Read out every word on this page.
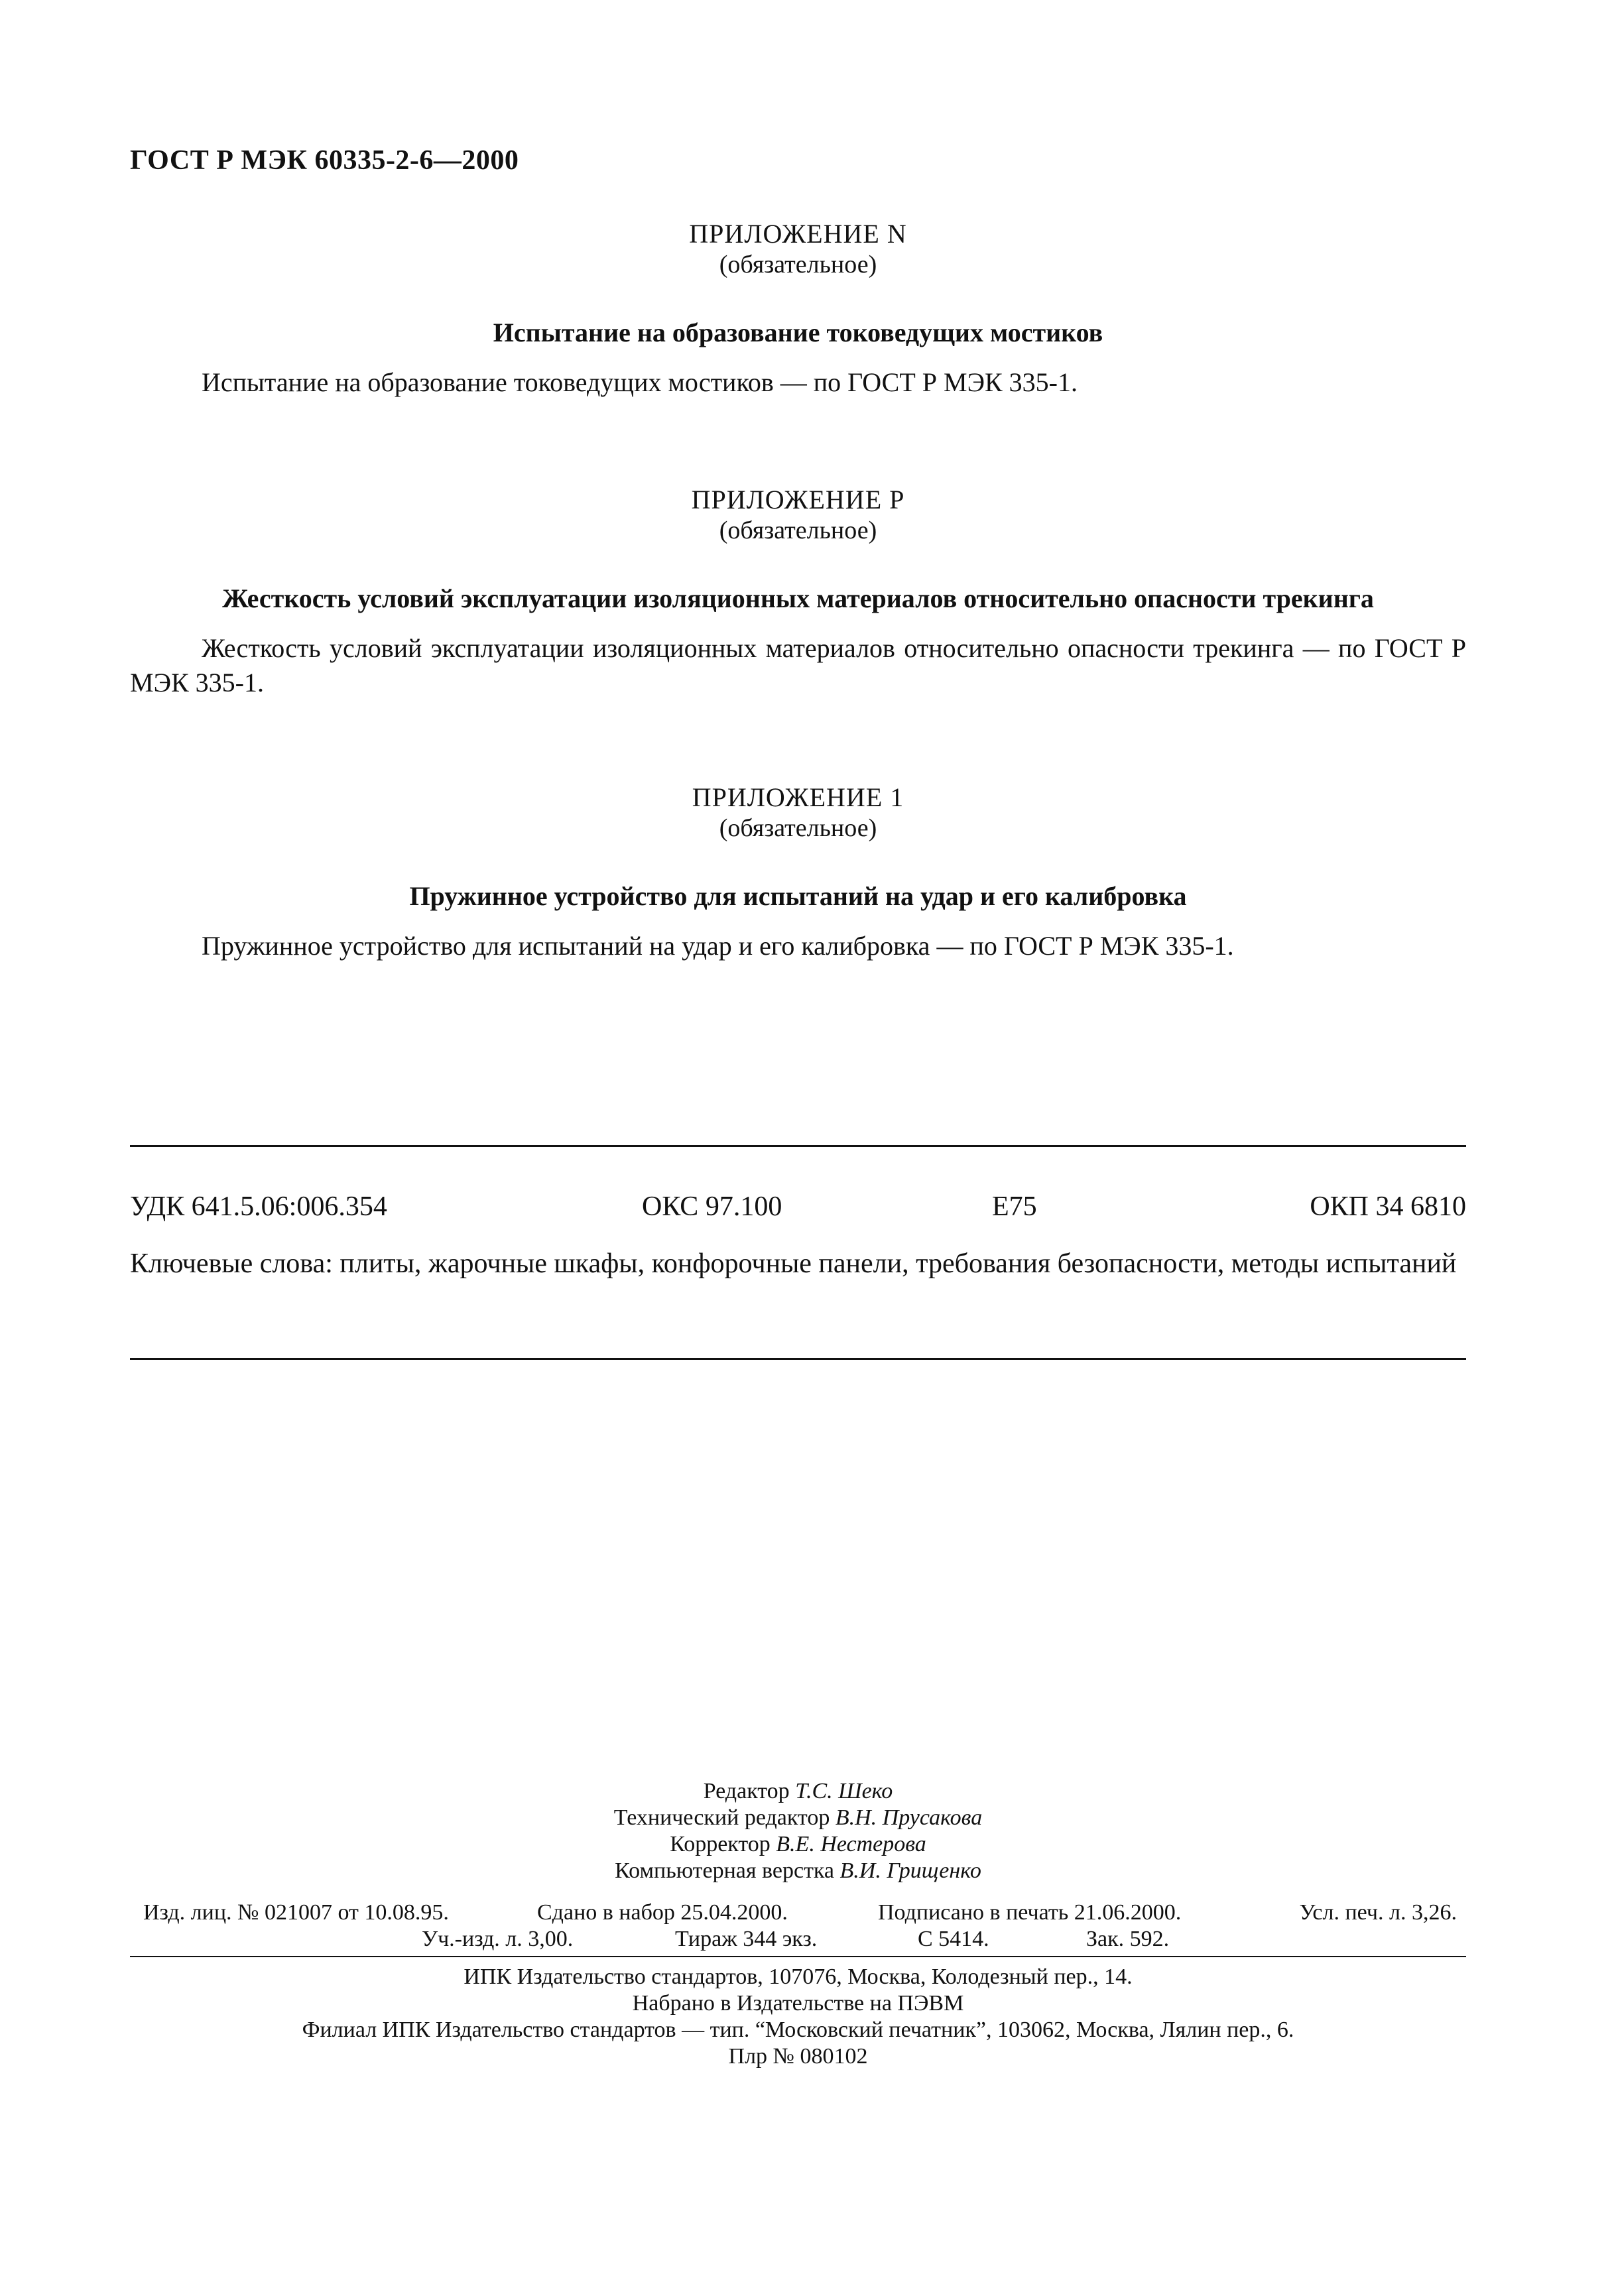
ГОСТ Р МЭК 60335-2-6—2000
ПРИЛОЖЕНИЕ N
(обязательное)
Испытание на образование токоведущих мостиков
Испытание на образование токоведущих мостиков — по ГОСТ Р МЭК 335-1.
ПРИЛОЖЕНИЕ P
(обязательное)
Жесткость условий эксплуатации изоляционных материалов относительно опасности трекинга
Жесткость условий эксплуатации изоляционных материалов относительно опасности трекинга — по ГОСТ Р МЭК 335-1.
ПРИЛОЖЕНИЕ 1
(обязательное)
Пружинное устройство для испытаний на удар и его калибровка
Пружинное устройство для испытаний на удар и его калибровка — по ГОСТ Р МЭК 335-1.
УДК 641.5.06:006.354	ОКС 97.100	Е75	ОКП 34 6810
Ключевые слова: плиты, жарочные шкафы, конфорочные панели, требования безопасности, методы испытаний
Редактор Т.С. Шеко
Технический редактор В.Н. Прусакова
Корректор В.Е. Нестерова
Компьютерная верстка В.И. Грищенко
Изд. лиц. № 021007 от 10.08.95.	Сдано в набор 25.04.2000.	Подписано в печать 21.06.2000.	Усл. печ. л. 3,26.
Уч.-изд. л. 3,00.	Тираж 344 экз.	С 5414.	Зак. 592.
ИПК Издательство стандартов, 107076, Москва, Колодезный пер., 14.
Набрано в Издательстве на ПЭВМ
Филиал ИПК Издательство стандартов — тип. “Московский печатник”, 103062, Москва, Лялин пер., 6.
Плр № 080102
